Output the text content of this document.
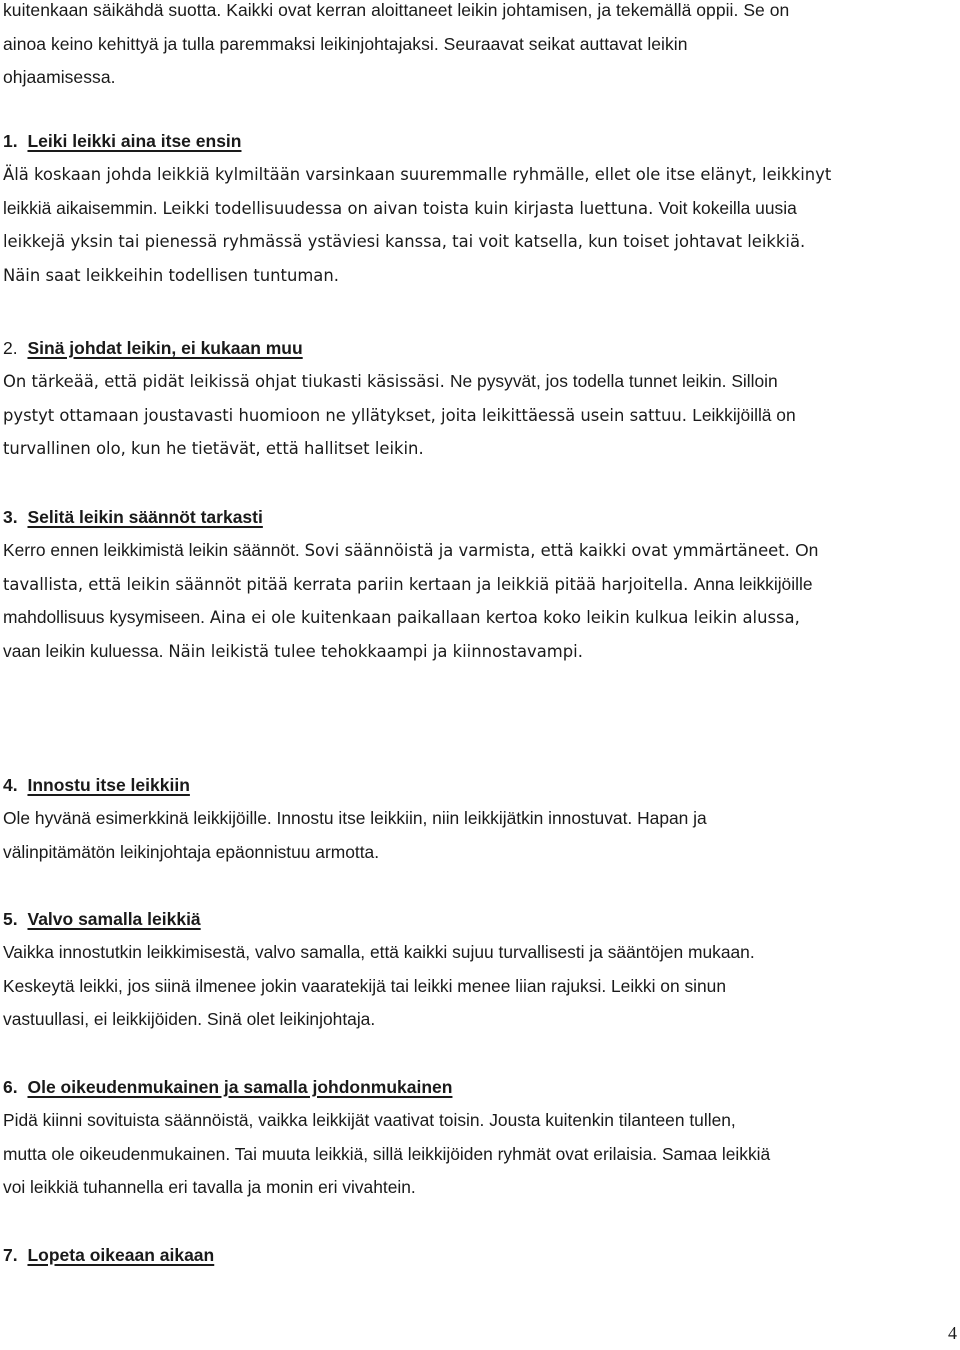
kuitenkaan säikähdä suotta. Kaikki ovat kerran aloittaneet leikin johtamisen, ja tekemällä oppii. Se on

ainoa keino kehittyä ja tulla paremmaksi leikinjohtajaksi. Seuraavat seikat auttavat leikin

ohjaamisessa.

1. Leiki leikki aina itse ensin

Älä koskaan johda leikkiä kylmiltään varsinkaan suuremmalle ryhmälle, ellet ole itse elänyt, leikkinyt

leikkiä aikaisemmin. Leikki todellisuudessa on aivan toista kuin kirjasta luettuna. Voit kokeilla uusia

leikkejä yksin tai pienessä ryhmässä ystäviesi kanssa, tai voit katsella, kun toiset johtavat leikkiä.

Näin saat leikkeihin todellisen tuntuman.

2. Sinä johdat leikin, ei kukaan muu

On tärkeää, että pidät leikissä ohjat tiukasti käsissäsi. Ne pysyvät, jos todella tunnet leikin. Silloin

pystyt ottamaan joustavasti huomioon ne yllätykset, joita leikittäessä usein sattuu. Leikkijöillä on

turvallinen olo, kun he tietävät, että hallitset leikin.

3. Selitä leikin säännöt tarkasti

Kerro ennen leikkimistä leikin säännöt. Sovi säännöistä ja varmista, että kaikki ovat ymmärtäneet. On

tavallista, että leikin säännöt pitää kerrata pariin kertaan ja leikkiä pitää harjoitella. Anna leikkijöille

mahdollisuus kysymiseen. Aina ei ole kuitenkaan paikallaan kertoa koko leikin kulkua leikin alussa,

vaan leikin kuluessa. Näin leikistä tulee tehokkaampi ja kiinnostavampi.

4. Innostu itse leikkiin

Ole hyvänä esimerkkinä leikkijöille. Innostu itse leikkiin, niin leikkijätkin innostuvat. Hapan ja

välinpitämätön leikinjohtaja epäonnistuu armotta.

5. Valvo samalla leikkiä

Vaikka innostutkin leikkimisestä, valvo samalla, että kaikki sujuu turvallisesti ja sääntöjen mukaan.

Keskeytä leikki, jos siinä ilmenee jokin vaaratekijä tai leikki menee liian rajuksi. Leikki on sinun

vastuullasi, ei leikkijöiden. Sinä olet leikinjohtaja.

6. Ole oikeudenmukainen ja samalla johdonmukainen

Pidä kiinni sovituista säännöistä, vaikka leikkijät vaativat toisin. Jousta kuitenkin tilanteen tullen,

mutta ole oikeudenmukainen. Tai muuta leikkiä, sillä leikkijöiden ryhmät ovat erilaisia. Samaa leikkiä

voi leikkiä tuhannella eri tavalla ja monin eri vivahtein.

7. Lopeta oikeaan aikaan
4
